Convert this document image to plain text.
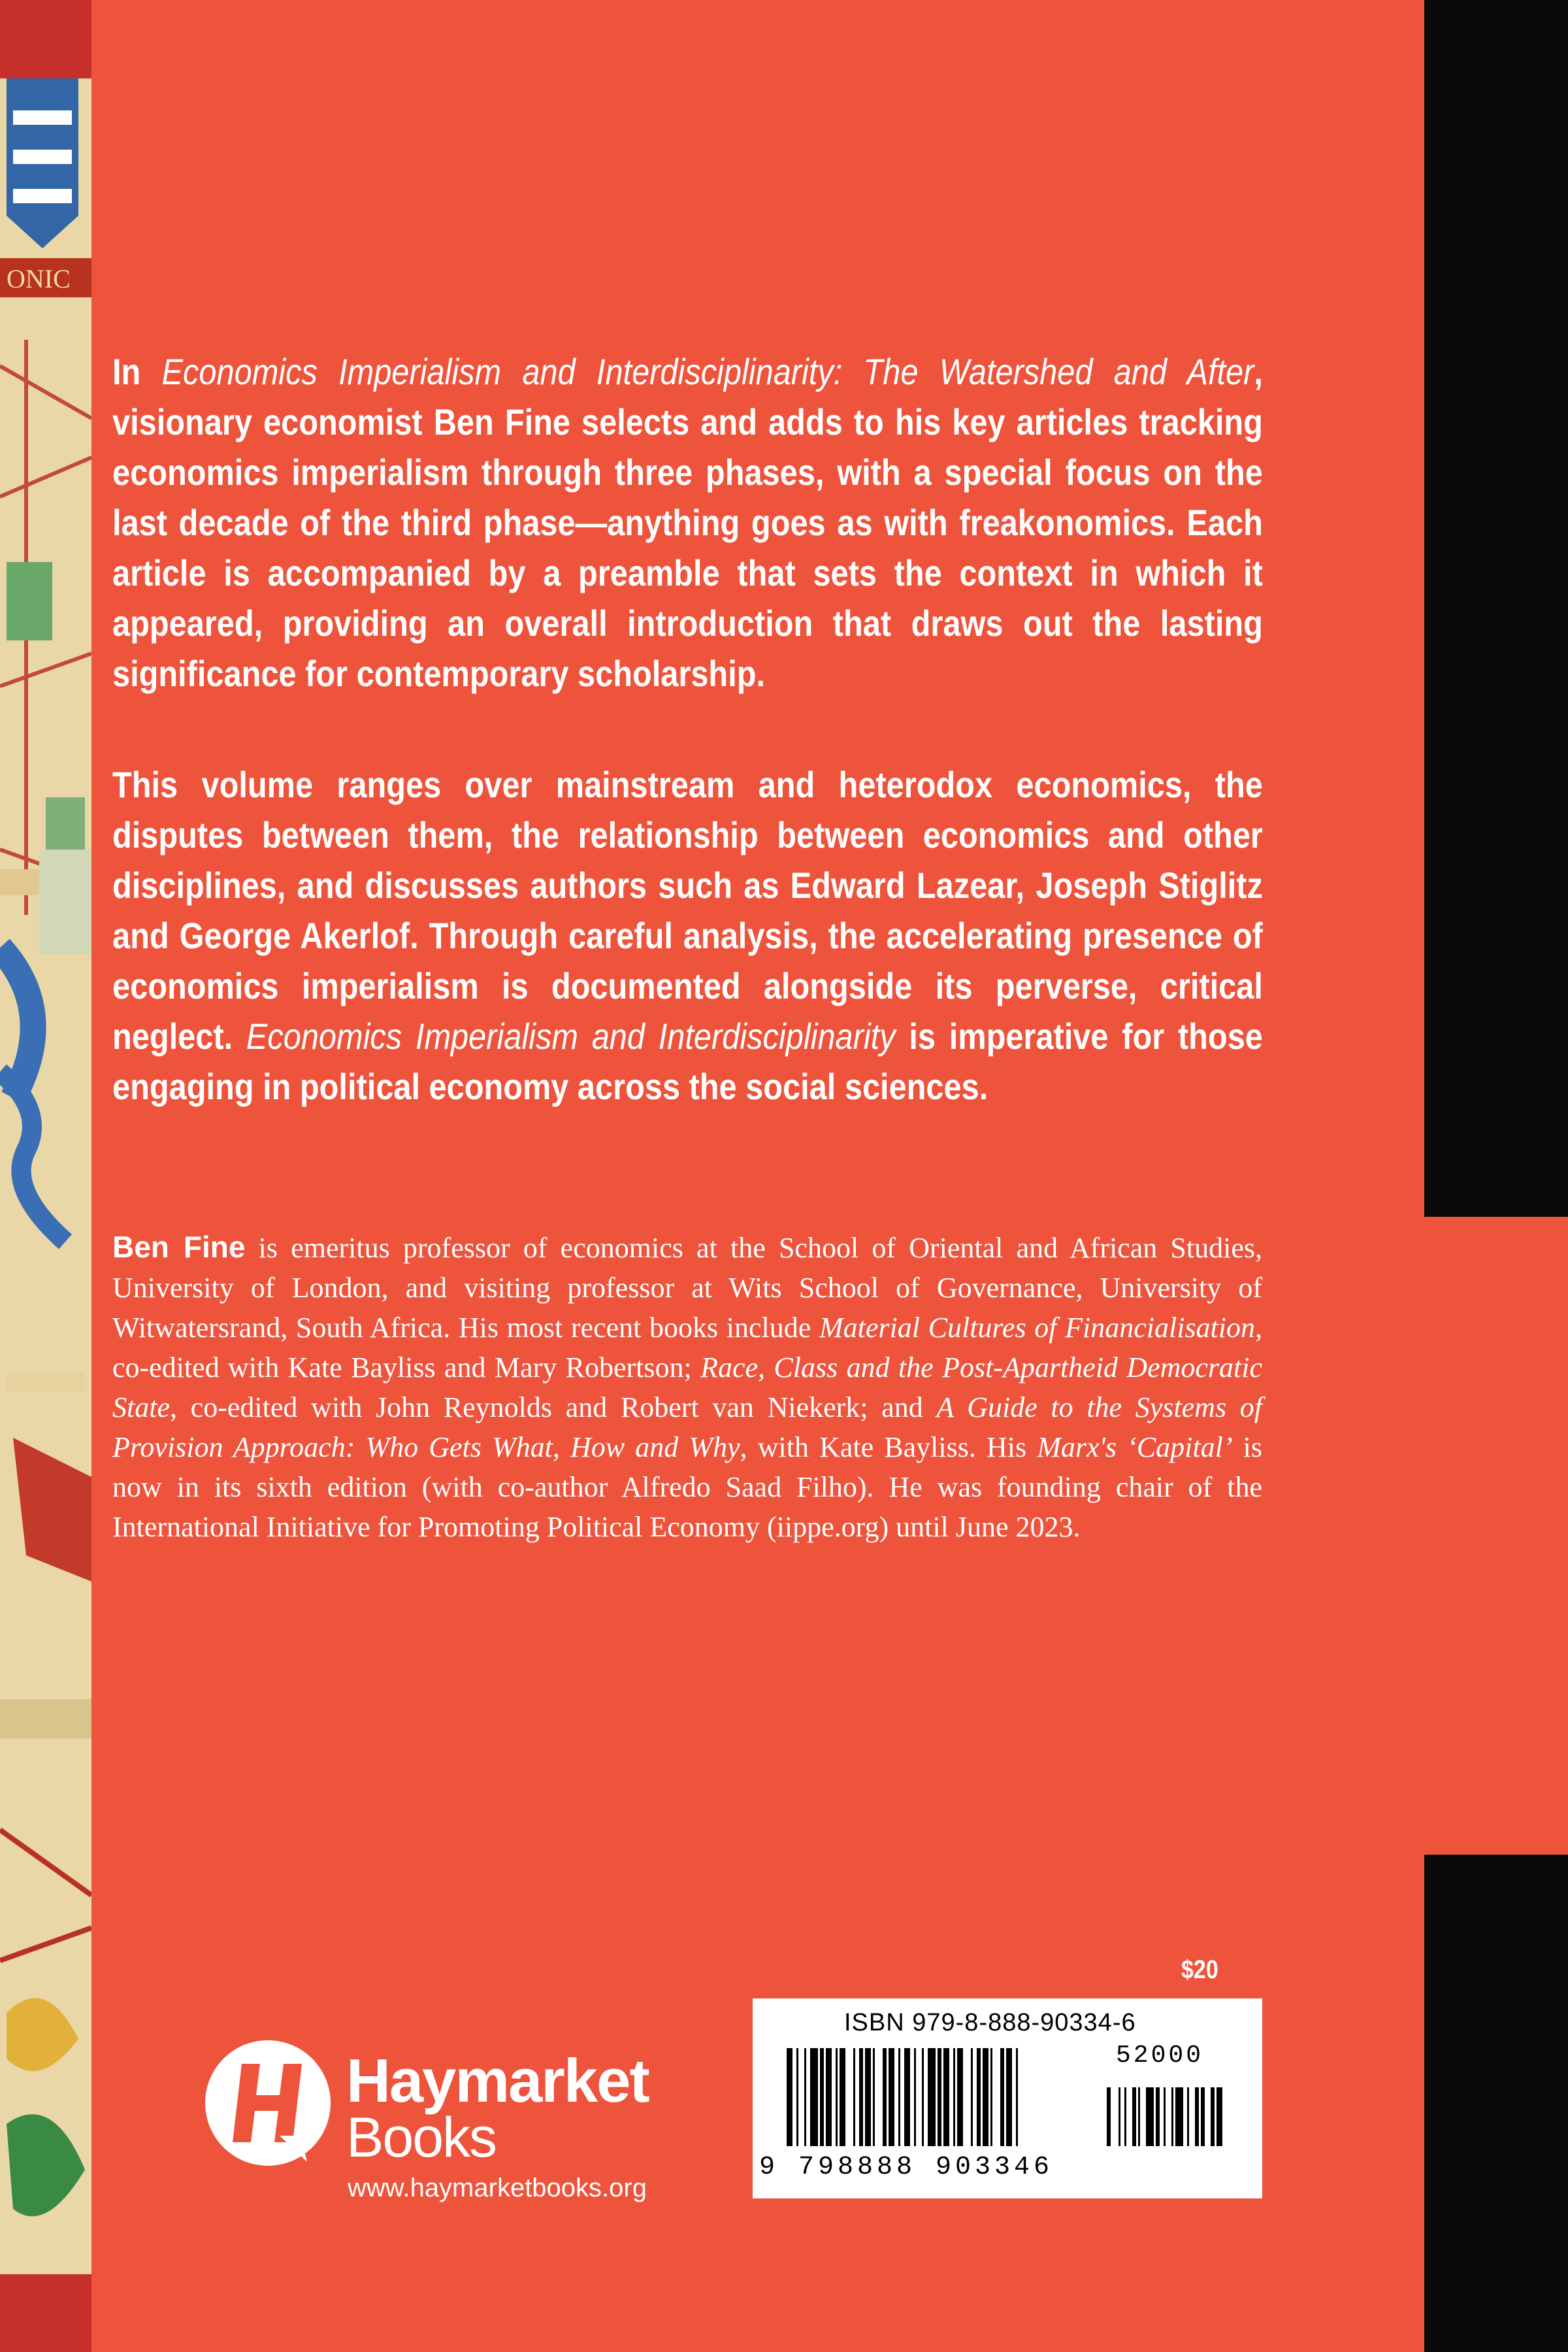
ONIC
In Economics Imperialism and Interdisciplinarity: The Watershed and After, visionary economist Ben Fine selects and adds to his key articles tracking economics imperialism through three phases, with a special focus on the last decade of the third phase—anything goes as with freakonomics. Each article is accompanied by a preamble that sets the context in which it appeared, providing an overall introduction that draws out the lasting significance for contemporary scholarship.
This volume ranges over mainstream and heterodox economics, the disputes between them, the relationship between economics and other disciplines, and discusses authors such as Edward Lazear, Joseph Stiglitz and George Akerlof. Through careful analysis, the accelerating presence of economics imperialism is documented alongside its perverse, critical neglect. Economics Imperialism and Interdisciplinarity is imperative for those engaging in political economy across the social sciences.
Ben Fine is emeritus professor of economics at the School of Oriental and African Studies, University of London, and visiting professor at Wits School of Governance, University of Witwatersrand, South Africa. His most recent books include Material Cultures of Financialisation, co-edited with Kate Bayliss and Mary Robertson; Race, Class and the Post-Apartheid Democratic State, co-edited with John Reynolds and Robert van Niekerk; and A Guide to the Systems of Provision Approach: Who Gets What, How and Why, with Kate Bayliss. His Marx's ‘Capital’ is now in its sixth edition (with co-author Alfredo Saad Filho). He was founding chair of the International Initiative for Promoting Political Economy (iippe.org) until June 2023.
$20
ISBN 979-8-888-90334-6
52000
9 798888 903346
Haymarket
Books
www.haymarketbooks.org
